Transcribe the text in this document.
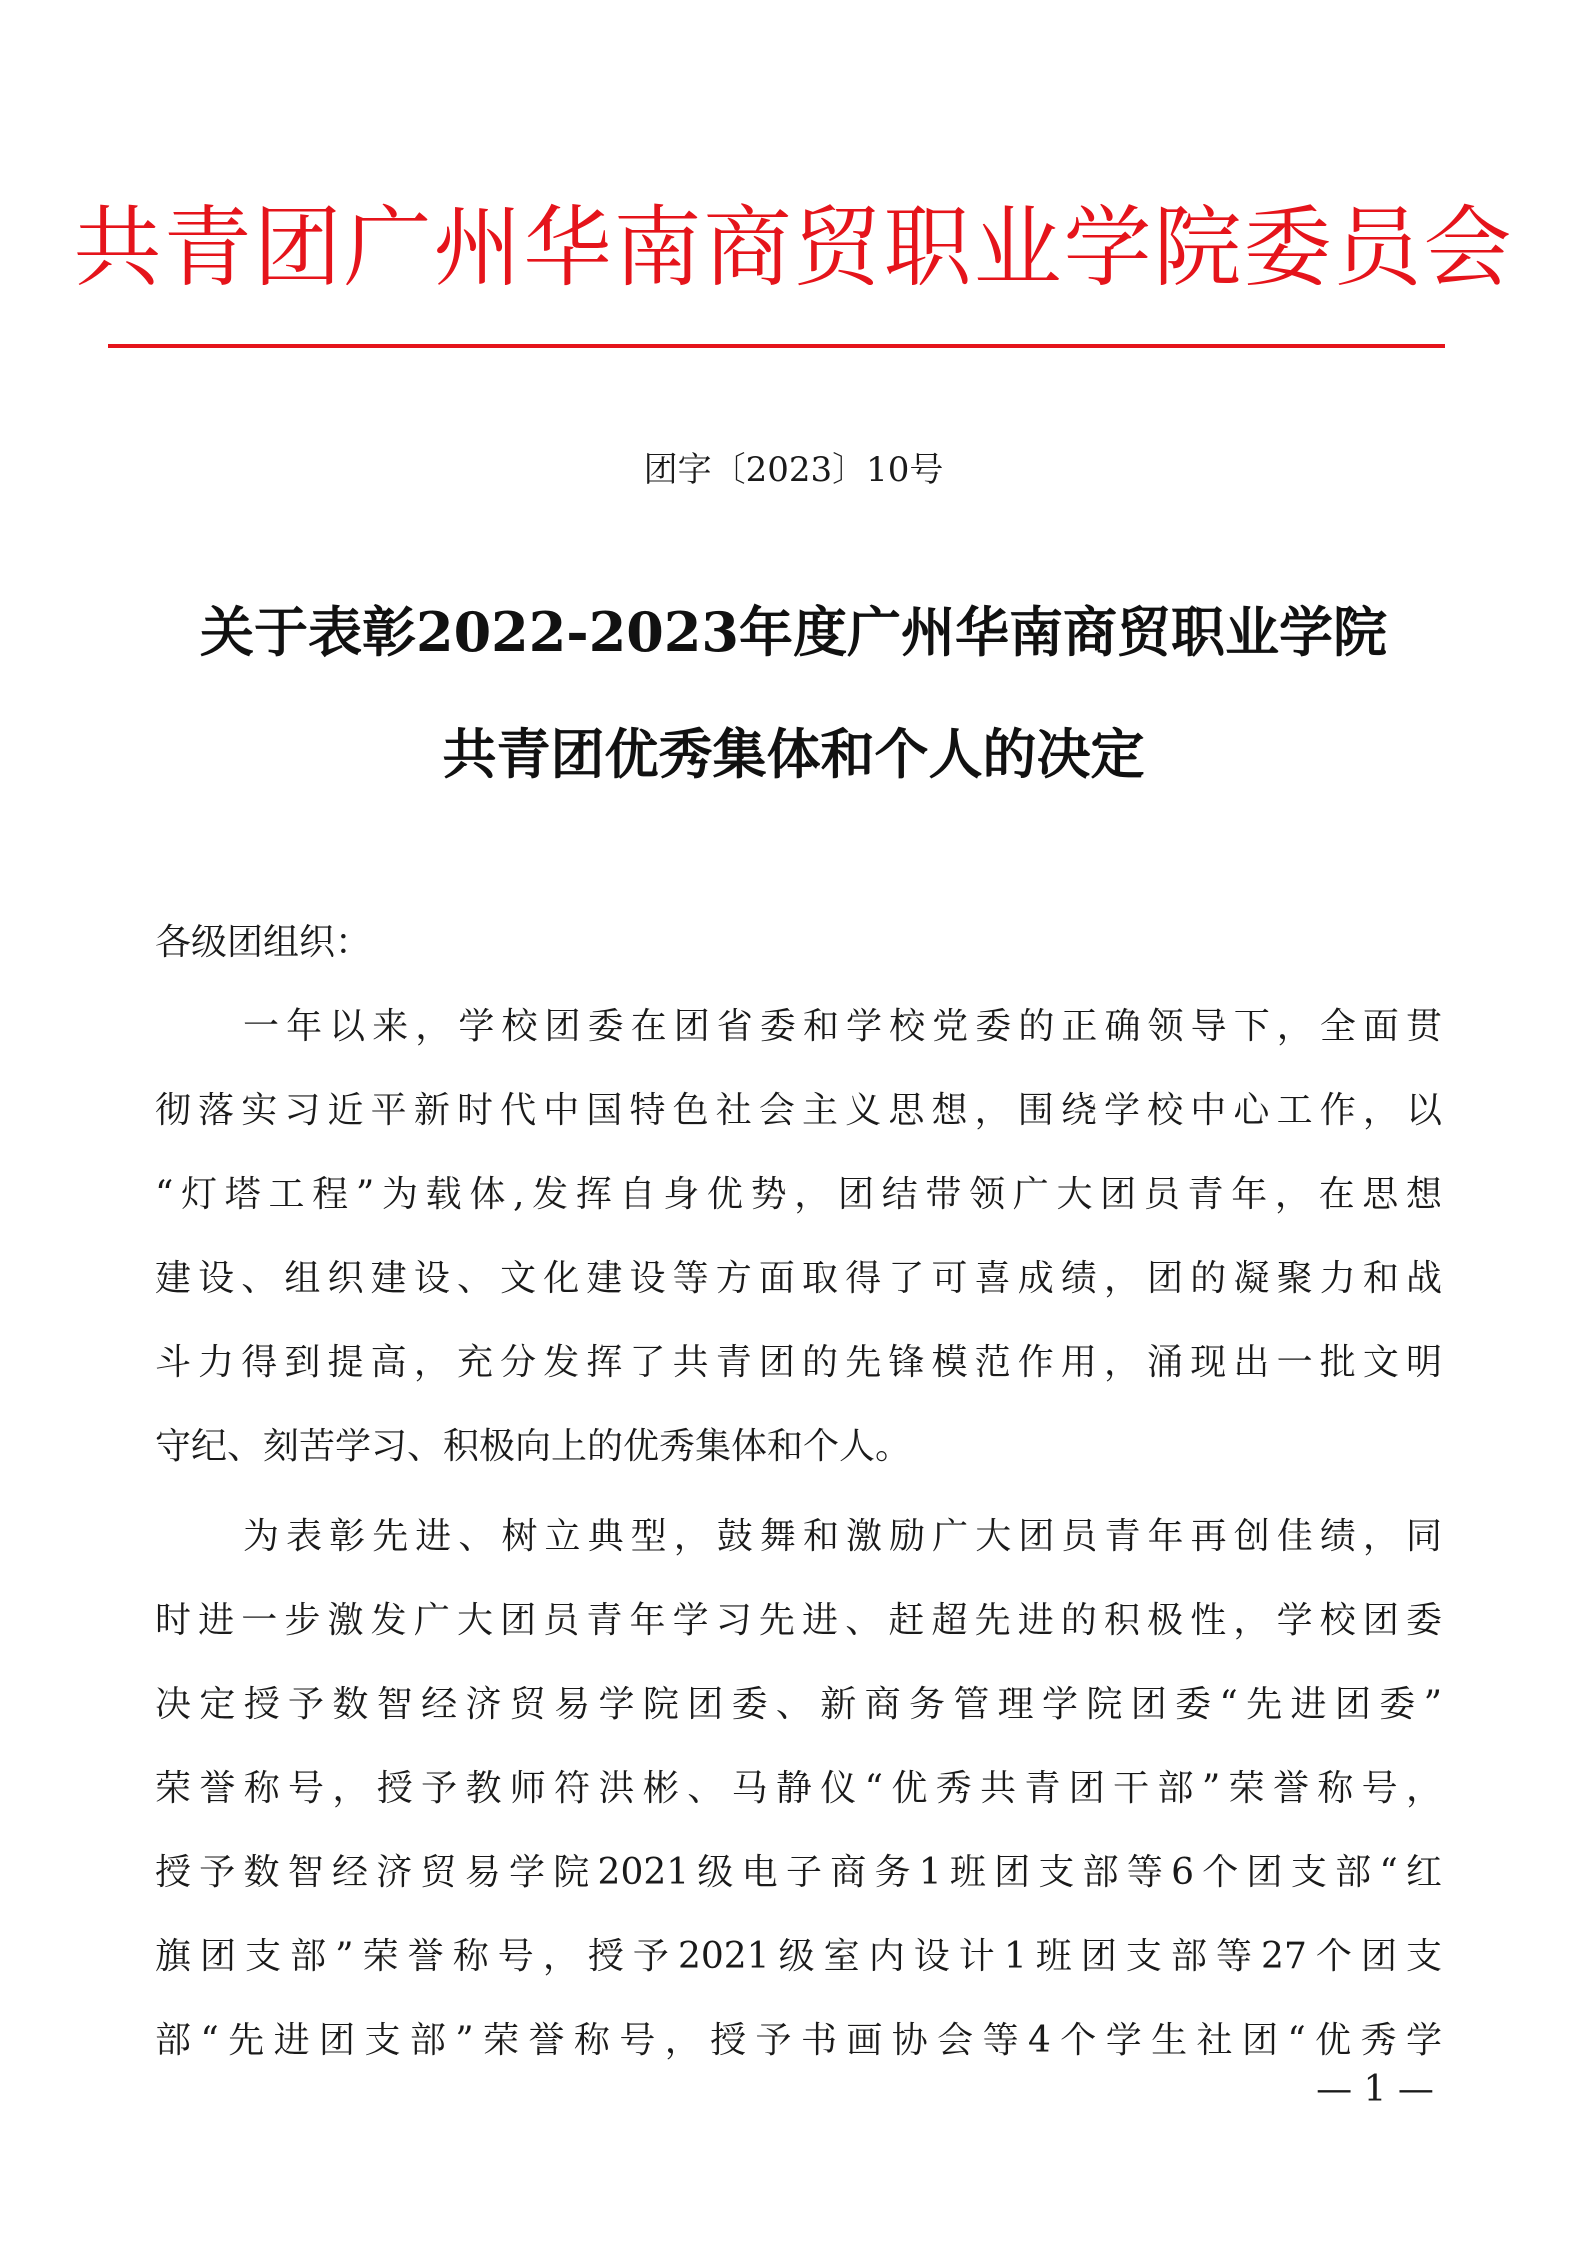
共青团广州华南商贸职业学院委员会
团字〔2023〕10号
关于表彰2022-2023年度广州华南商贸职业学院
共青团优秀集体和个人的决定
各级团组织：
一年以来，学校团委在团省委和学校党委的正确领导下，全面贯
彻落实习近平新时代中国特色社会主义思想，围绕学校中心工作，以
“灯塔工程”为载体,发挥自身优势，团结带领广大团员青年，在思想
建设、组织建设、文化建设等方面取得了可喜成绩，团的凝聚力和战
斗力得到提高，充分发挥了共青团的先锋模范作用，涌现出一批文明
守纪、刻苦学习、积极向上的优秀集体和个人。
为表彰先进、树立典型，鼓舞和激励广大团员青年再创佳绩，同
时进一步激发广大团员青年学习先进、赶超先进的积极性，学校团委
决定授予数智经济贸易学院团委、新商务管理学院团委“先进团委”
荣誉称号，授予教师符洪彬、马静仪“优秀共青团干部”荣誉称号，
授予数智经济贸易学院2021级电子商务1班团支部等6个团支部“红
旗团支部”荣誉称号，授予2021级室内设计1班团支部等27个团支
部“先进团支部”荣誉称号，授予书画协会等4个学生社团“优秀学
— 1 —
